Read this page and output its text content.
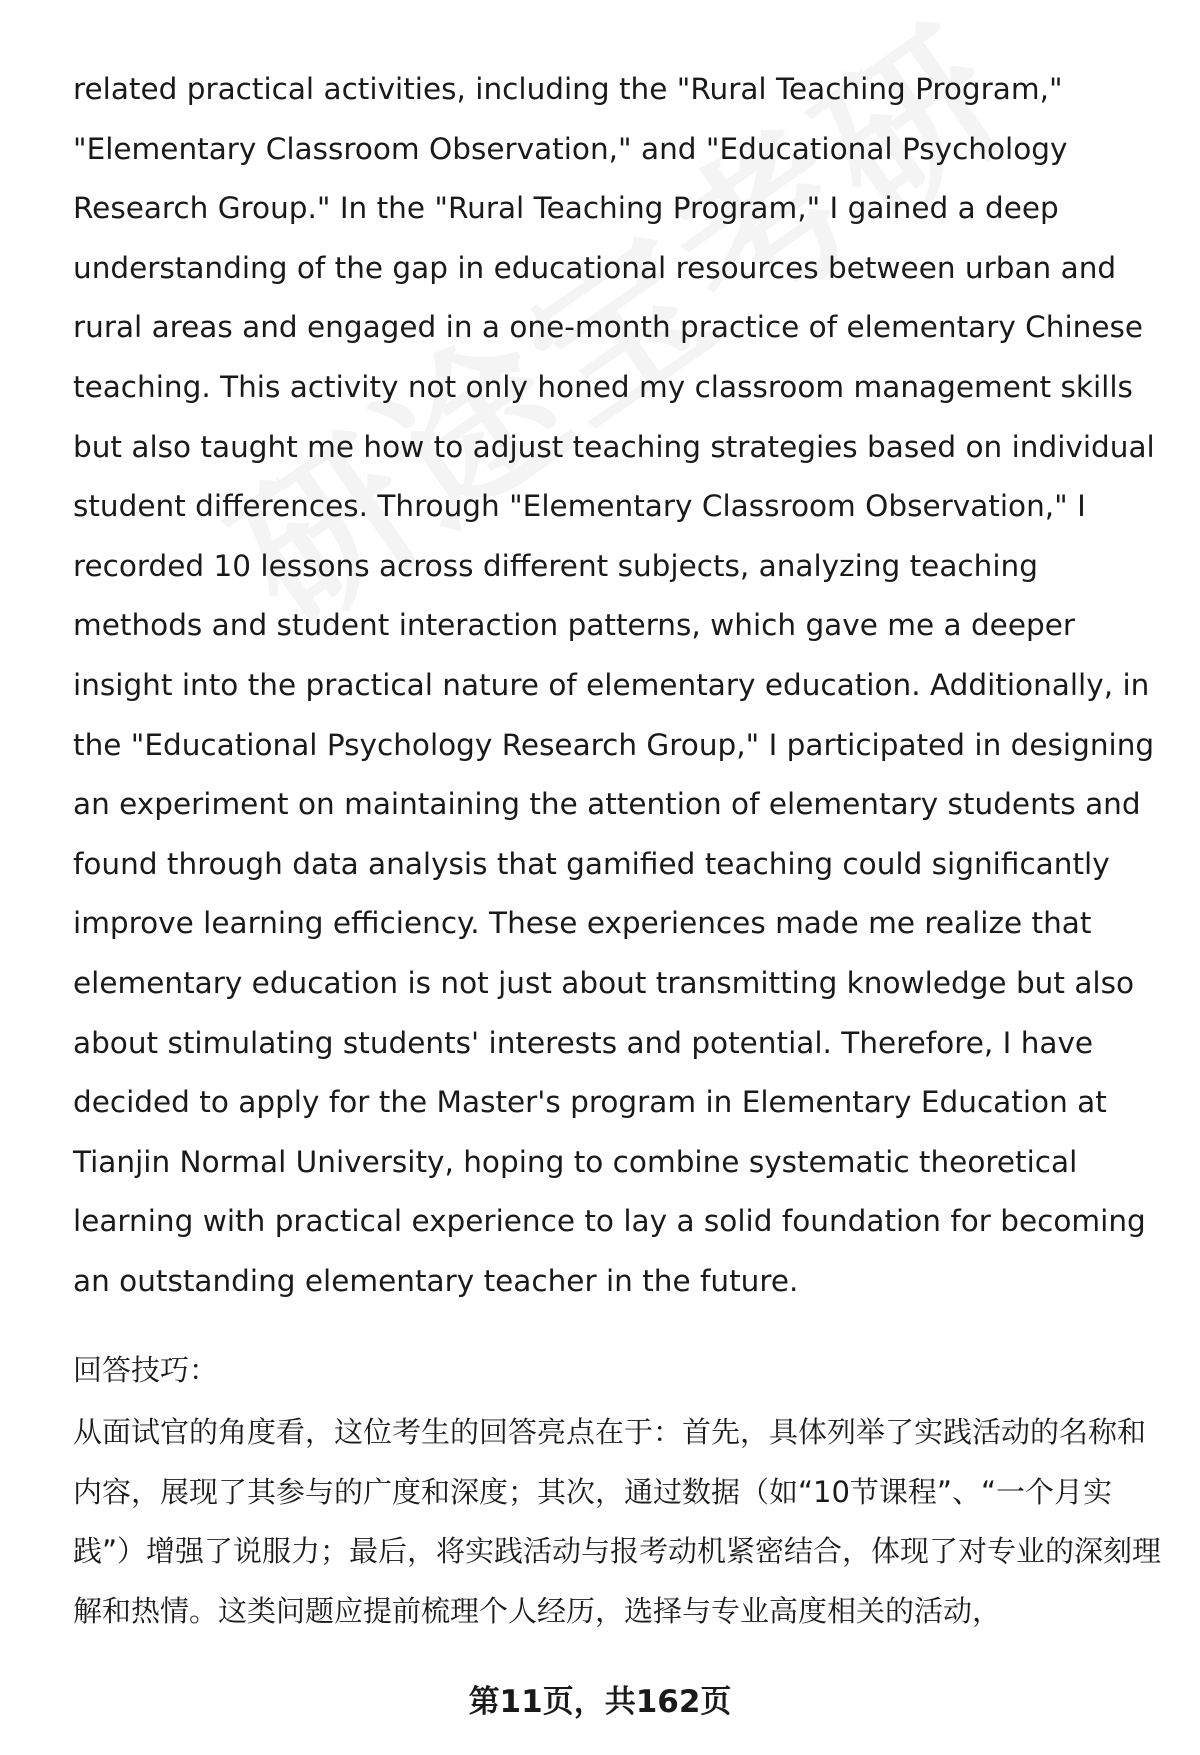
related practical activities, including the "Rural Teaching Program," "Elementary Classroom Observation," and "Educational Psychology Research Group." In the "Rural Teaching Program," I gained a deep understanding of the gap in educational resources between urban and rural areas and engaged in a one-month practice of elementary Chinese teaching. This activity not only honed my classroom management skills but also taught me how to adjust teaching strategies based on individual student differences. Through "Elementary Classroom Observation," I recorded 10 lessons across different subjects, analyzing teaching methods and student interaction patterns, which gave me a deeper insight into the practical nature of elementary education. Additionally, in the "Educational Psychology Research Group," I participated in designing an experiment on maintaining the attention of elementary students and found through data analysis that gamified teaching could significantly improve learning efficiency. These experiences made me realize that elementary education is not just about transmitting knowledge but also about stimulating students' interests and potential. Therefore, I have decided to apply for the Master's program in Elementary Education at Tianjin Normal University, hoping to combine systematic theoretical learning with practical experience to lay a solid foundation for becoming an outstanding elementary teacher in the future.

回答技巧：

从面试官的角度看，这位考生的回答亮点在于：首先，具体列举了实践活动的名称和内容，展现了其参与的广度和深度；其次，通过数据（如“10节课程”、“一个月实践”）增强了说服力；最后，将实践活动与报考动机紧密结合，体现了对专业的深刻理解和热情。这类问题应提前梳理个人经历，选择与专业高度相关的活动，

第11页，共162页
